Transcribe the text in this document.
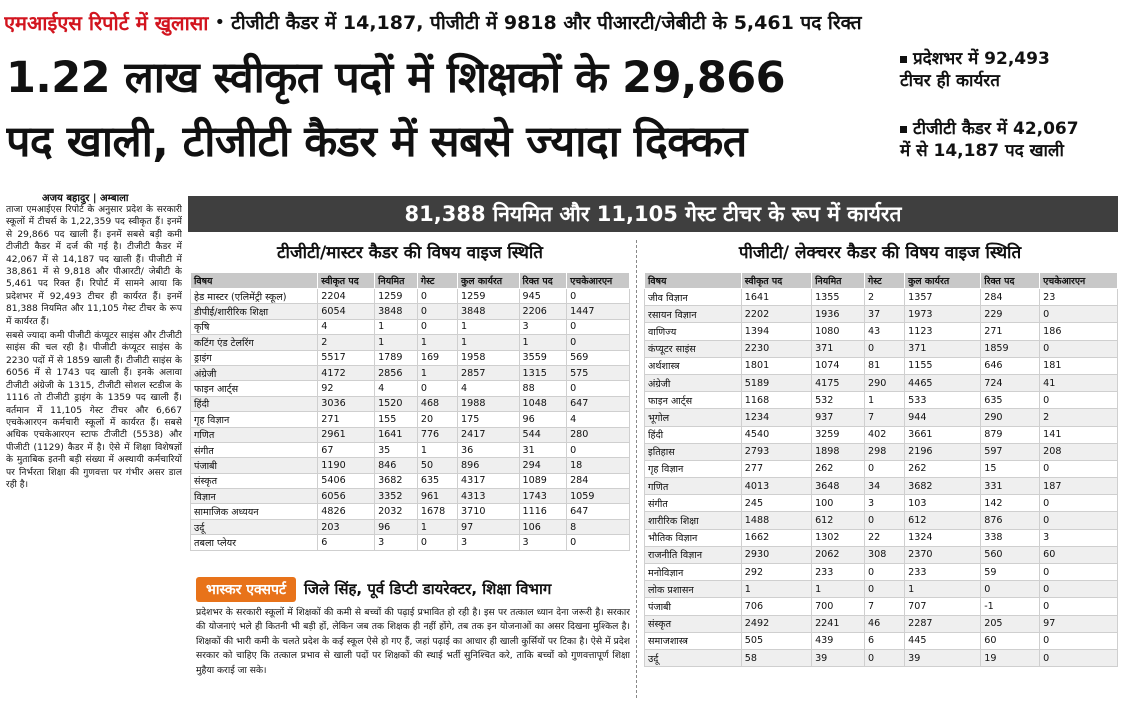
एमआईएस रिपोर्ट में खुलासा • टीजीटी कैडर में 14,187, पीजीटी में 9818 और पीआरटी/जेबीटी के 5,461 पद रिक्त
1.22 लाख स्वीकृत पदों में शिक्षकों के 29,866
पद खाली, टीजीटी कैडर में सबसे ज्यादा दिक्कत
प्रदेशभर में 92,493
टीचर ही कार्यरत
टीजीटी कैडर में 42,067
में से 14,187 पद खाली
अजय बहादुर | अम्बाला

ताजा एमआईएस रिपोर्ट के अनुसार प्रदेश के सरकारी स्कूलों में टीचर्स के 1,22,359 पद स्वीकृत हैं। इनमें से 29,866 पद खाली हैं। इनमें सबसे बड़ी कमी टीजीटी कैडर में दर्ज की गई है। टीजीटी कैडर में 42,067 में से 14,187 पद खाली हैं। पीजीटी में 38,861 में से 9,818 और पीआरटी/ जेबीटी के 5,461 पद रिक्त हैं। रिपोर्ट में सामने आया कि प्रदेशभर में 92,493 टीचर ही कार्यरत हैं। इनमें 81,388 नियमित और 11,105 गेस्ट टीचर के रूप में कार्यरत हैं।

सबसे ज्यादा कमी पीजीटी कंप्यूटर साइंस और टीजीटी साइंस की चल रही है। पीजीटी कंप्यूटर साइंस के 2230 पदों में से 1859 खाली हैं। टीजीटी साइंस के 6056 में से 1743 पद खाली हैं। इनके अलावा टीजीटी अंग्रेजी के 1315, टीजीटी सोशल स्टडीज के 1116 तो टीजीटी ड्राइंग के 1359 पद खाली हैं। वर्तमान में 11,105 गेस्ट टीचर और 6,667 एचकेआरएन कर्मचारी स्कूलों में कार्यरत हैं। सबसे अधिक एचकेआरएन स्टाफ टीजीटी (5538) और पीजीटी (1129) कैडर में है। ऐसे में शिक्षा विशेषज्ञों के मुताबिक इतनी बड़ी संख्या में अस्थायी कर्मचारियों पर निर्भरता शिक्षा की गुणवत्ता पर गंभीर असर डाल रही है।

81,388 नियमित और 11,105 गेस्ट टीचर के रूप में कार्यरत
टीजीटी/मास्टर कैडर की विषय वाइज स्थिति	पीजीटी/ लेक्चरर कैडर की विषय वाइज स्थिति
विषय	स्वीकृत पद	नियमित	गेस्ट	कुल कार्यरत	रिक्त पद	एचकेआरएन
हेड मास्टर (एलिमेंट्री स्कूल)	2204	1259	0	1259	945	0
डीपीई/शारीरिक शिक्षा	6054	3848	0	3848	2206	1447
कृषि	4	1	0	1	3	0
कटिंग एंड टेलरिंग	2	1	1	1	1	0
ड्राइंग	5517	1789	169	1958	3559	569
अंग्रेजी	4172	2856	1	2857	1315	575
फाइन आर्ट्स	92	4	0	4	88	0
हिंदी	3036	1520	468	1988	1048	647
गृह विज्ञान	271	155	20	175	96	4
गणित	2961	1641	776	2417	544	280
संगीत	67	35	1	36	31	0
पंजाबी	1190	846	50	896	294	18
संस्कृत	5406	3682	635	4317	1089	284
विज्ञान	6056	3352	961	4313	1743	1059
सामाजिक अध्ययन	4826	2032	1678	3710	1116	647
उर्दू	203	96	1	97	106	8
तबला प्लेयर	6	3	0	3	3	0
विषय	स्वीकृत पद	नियमित	गेस्ट	कुल कार्यरत	रिक्त पद	एचकेआरएन
जीव विज्ञान	1641	1355	2	1357	284	23
रसायन विज्ञान	2202	1936	37	1973	229	0
वाणिज्य	1394	1080	43	1123	271	186
कंप्यूटर साइंस	2230	371	0	371	1859	0
अर्थशास्त्र	1801	1074	81	1155	646	181
अंग्रेजी	5189	4175	290	4465	724	41
फाइन आर्ट्स	1168	532	1	533	635	0
भूगोल	1234	937	7	944	290	2
हिंदी	4540	3259	402	3661	879	141
इतिहास	2793	1898	298	2196	597	208
गृह विज्ञान	277	262	0	262	15	0
गणित	4013	3648	34	3682	331	187
संगीत	245	100	3	103	142	0
शारीरिक शिक्षा	1488	612	0	612	876	0
भौतिक विज्ञान	1662	1302	22	1324	338	3
राजनीति विज्ञान	2930	2062	308	2370	560	60
मनोविज्ञान	292	233	0	233	59	0
लोक प्रशासन	1	1	0	1	0	0
पंजाबी	706	700	7	707	-1	0
संस्कृत	2492	2241	46	2287	205	97
समाजशास्त्र	505	439	6	445	60	0
उर्दू	58	39	0	39	19	0
भास्कर एक्सपर्ट	जिले सिंह, पूर्व डिप्टी डायरेक्टर, शिक्षा विभाग
प्रदेशभर के सरकारी स्कूलों में शिक्षकों की कमी से बच्चों की पढ़ाई प्रभावित हो रही है। इस पर तत्काल ध्यान देना जरूरी है। सरकार की योजनाएं भले ही कितनी भी बड़ी हों, लेकिन जब तक शिक्षक ही नहीं होंगे, तब तक इन योजनाओं का असर दिखना मुश्किल है। शिक्षकों की भारी कमी के चलते प्रदेश के कई स्कूल ऐसे हो गए हैं, जहां पढ़ाई का आधार ही खाली कुर्सियों पर टिका है। ऐसे में प्रदेश सरकार को चाहिए कि तत्काल प्रभाव से खाली पदों पर शिक्षकों की स्थाई भर्ती सुनिश्चित करे, ताकि बच्चों को गुणवत्तापूर्ण शिक्षा मुहैया कराई जा सके।
